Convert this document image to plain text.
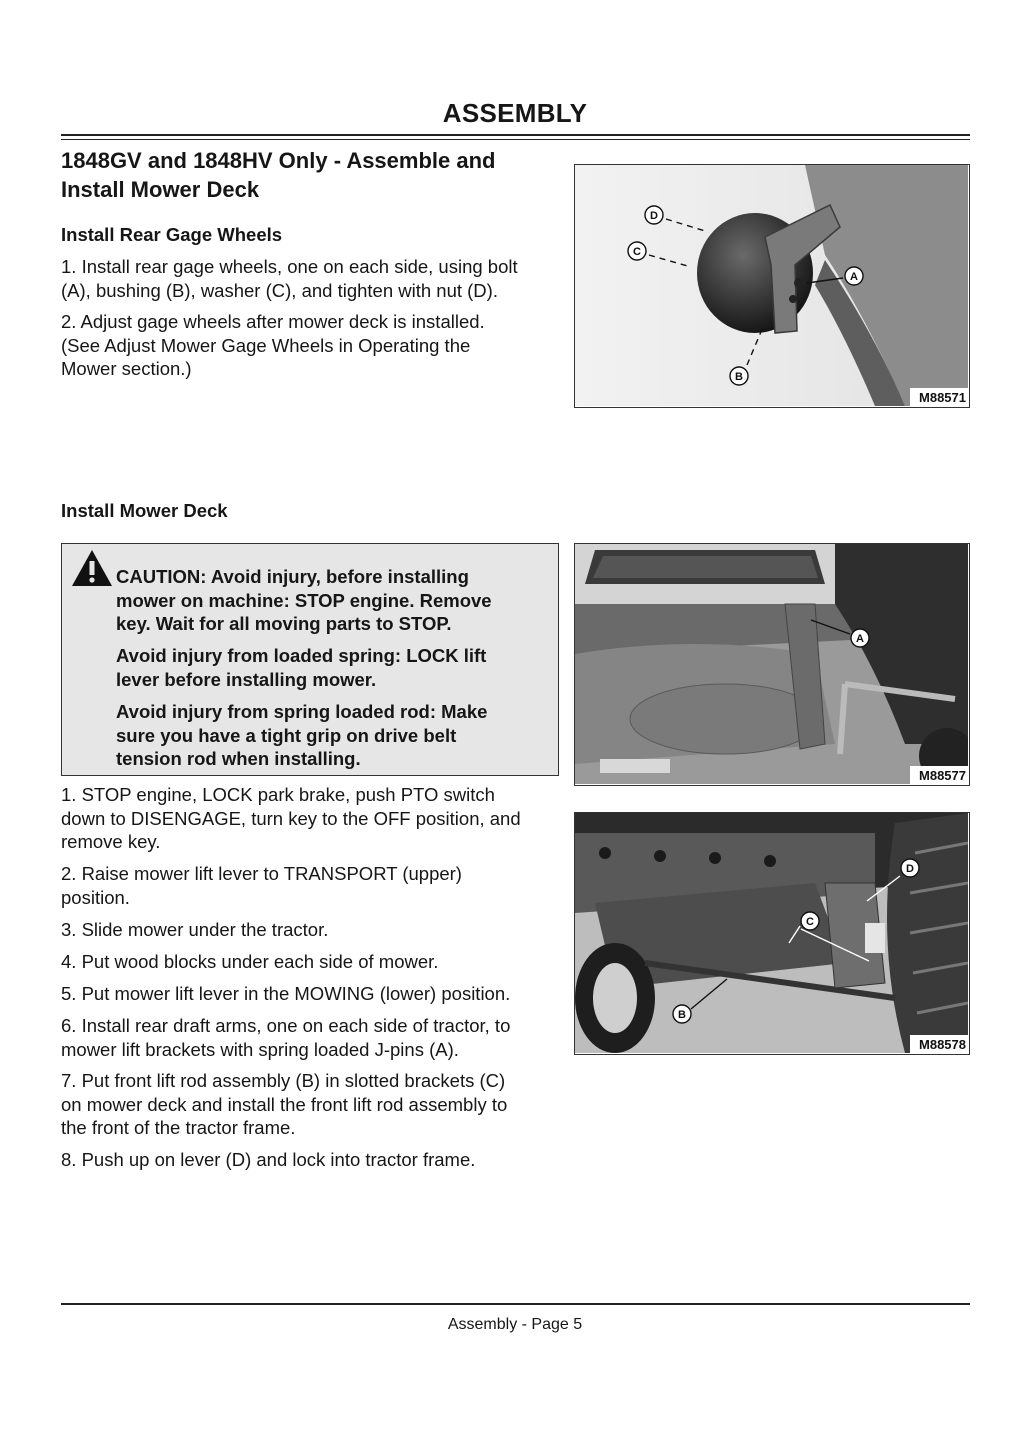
ASSEMBLY
1848GV and 1848HV Only - Assemble and
Install Mower Deck
Install Rear Gage Wheels
1. Install rear gage wheels, one on each side, using bolt
(A), bushing (B), washer (C), and tighten with nut (D).
2. Adjust gage wheels after mower deck is installed.
(See Adjust Mower Gage Wheels in Operating the
Mower section.)
D
C
A
B
M88571
Install Mower Deck
CAUTION: Avoid injury, before installing
mower on machine: STOP engine. Remove
key. Wait for all moving parts to STOP.
Avoid injury from loaded spring: LOCK lift
lever before installing mower.
Avoid injury from spring loaded rod: Make
sure you have a tight grip on drive belt
tension rod when installing.
1. STOP engine, LOCK park brake, push PTO switch
down to DISENGAGE, turn key to the OFF position, and
remove key.
2. Raise mower lift lever to TRANSPORT (upper)
position.
3. Slide mower under the tractor.
4. Put wood blocks under each side of mower.
5. Put mower lift lever in the MOWING (lower) position.
6. Install rear draft arms, one on each side of tractor, to
mower lift brackets with spring loaded J-pins (A).
7. Put front lift rod assembly (B) in slotted brackets (C)
on mower deck and install the front lift rod assembly to
the front of the tractor frame.
8. Push up on lever (D) and lock into tractor frame.
A
M88577
D
C
B
M88578
Assembly - Page 5
